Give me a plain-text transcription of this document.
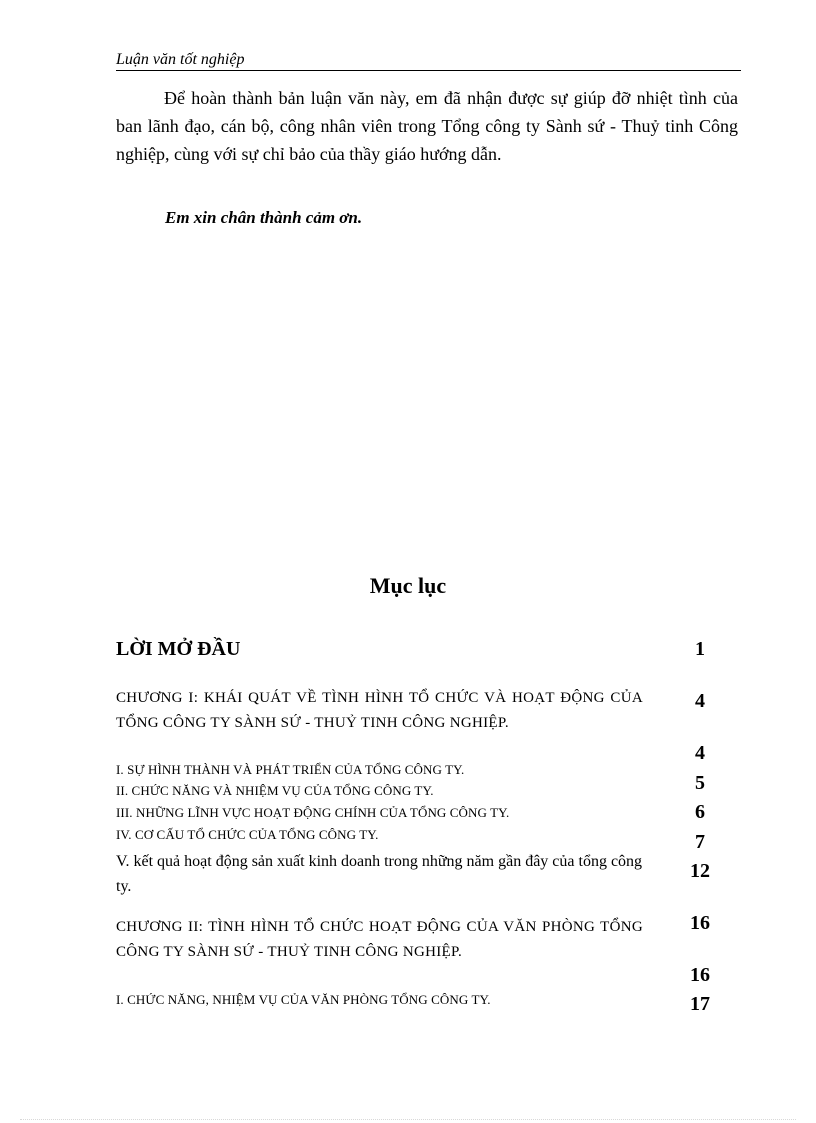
Luận văn tốt nghiệp

Để hoàn thành bản luận văn này, em đã nhận được sự giúp đỡ nhiệt tình của ban lãnh đạo, cán bộ, công nhân viên trong Tổng công ty Sành sứ - Thuỷ tinh Công nghiệp, cùng với sự chỉ bảo của thầy giáo hướng dẫn.

Em xin chân thành cảm ơn.
Mục lục
LỜI MỞ ĐẦU
CHƯƠNG I: KHÁI QUÁT VỀ TÌNH HÌNH TỔ CHỨC VÀ HOẠT ĐỘNG CỦA TỔNG CÔNG TY SÀNH SỨ - THUỶ TINH CÔNG NGHIỆP.
I. SỰ HÌNH THÀNH VÀ PHÁT TRIỂN CỦA TỔNG CÔNG TY.
II. CHỨC NĂNG VÀ NHIỆM VỤ CỦA TỔNG CÔNG TY.
III. NHỮNG LĨNH VỰC HOẠT ĐỘNG CHÍNH CỦA TỔNG CÔNG TY.
IV. CƠ CẤU TỔ CHỨC CỦA TỔNG CÔNG TY.
V. kết quả hoạt động sản xuất kinh doanh trong những năm gần đây của tổng công ty.
CHƯƠNG II: TÌNH HÌNH TỔ CHỨC HOẠT ĐỘNG CỦA VĂN PHÒNG TỔNG CÔNG TY SÀNH SỨ - THUỶ TINH CÔNG NGHIỆP.
I. CHỨC NĂNG, NHIỆM VỤ CỦA VĂN PHÒNG TỔNG CÔNG TY.
1
4
4
5
6
7
12
16
16
17
